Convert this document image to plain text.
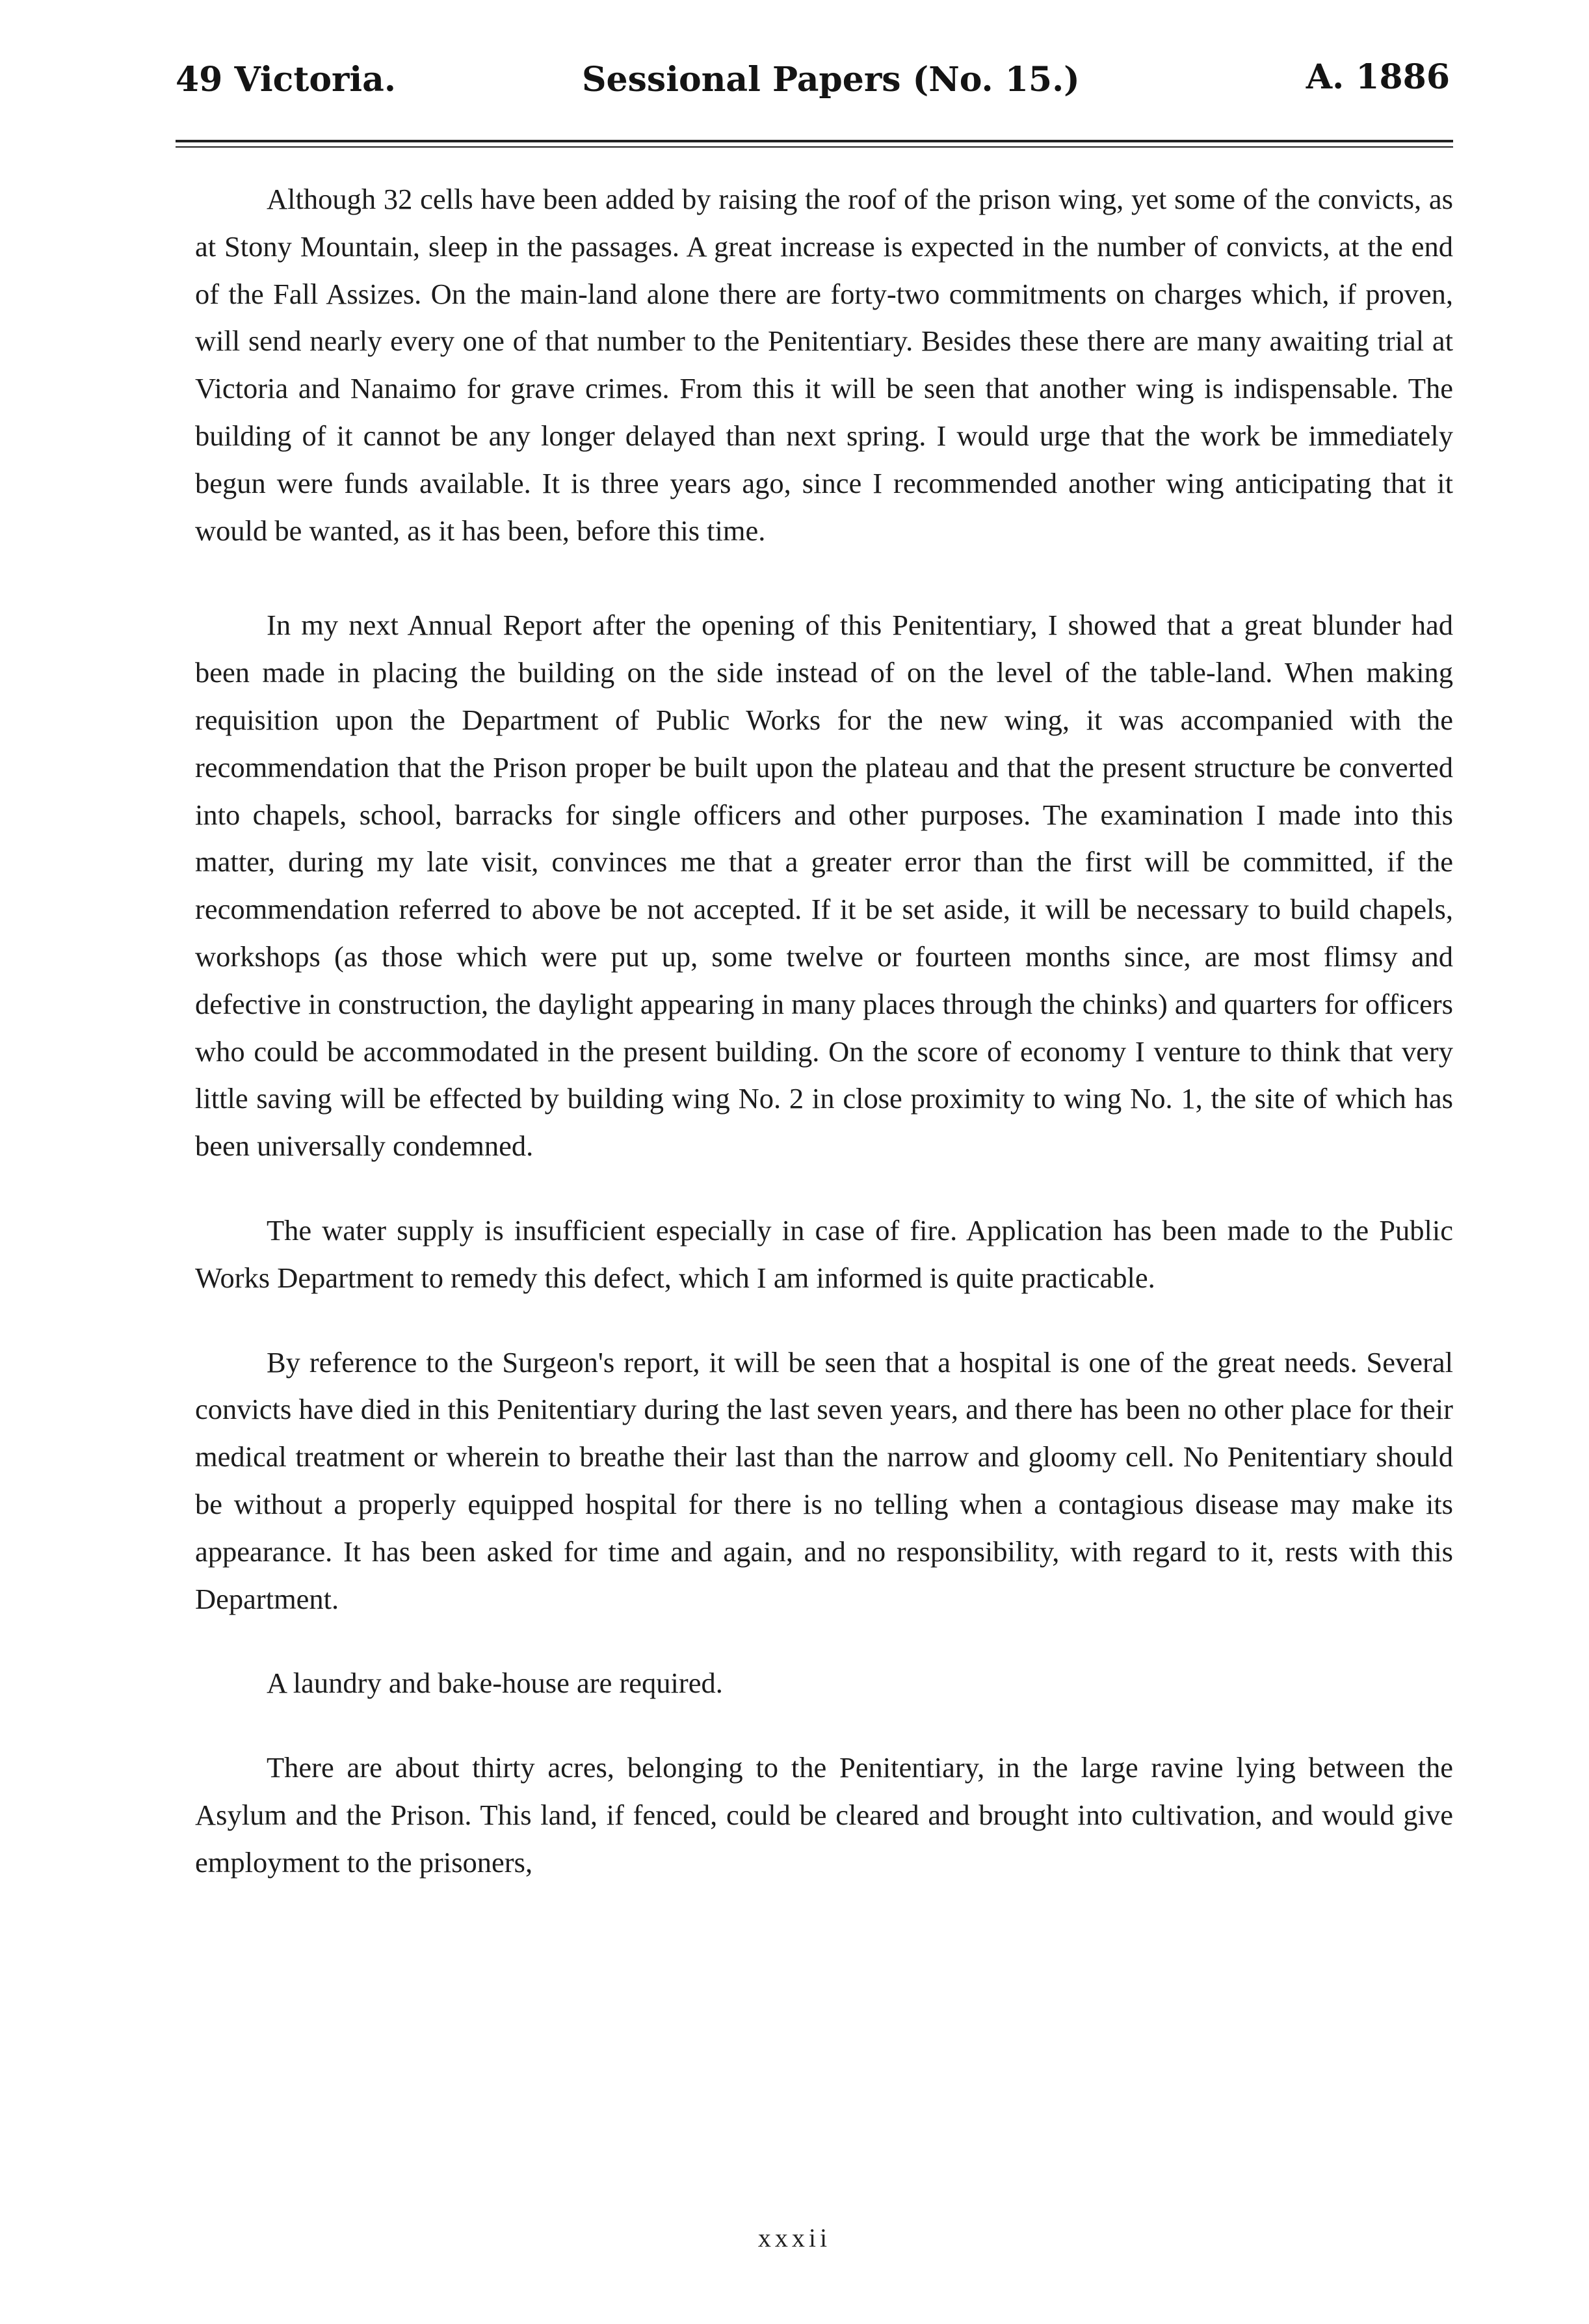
49 Victoria.	Sessional Papers (No. 15.)	A. 1886

Although 32 cells have been added by raising the roof of the prison wing, yet some of the convicts, as at Stony Mountain, sleep in the passages. A great increase is expected in the number of convicts, at the end of the Fall Assizes. On the main-land alone there are forty-two commitments on charges which, if proven, will send nearly every one of that number to the Penitentiary. Besides these there are many awaiting trial at Victoria and Nanaimo for grave crimes. From this it will be seen that another wing is indispensable. The building of it cannot be any longer delayed than next spring. I would urge that the work be immediately begun were funds available. It is three years ago, since I recommended another wing anticipating that it would be wanted, as it has been, before this time.

In my next Annual Report after the opening of this Penitentiary, I showed that a great blunder had been made in placing the building on the side instead of on the level of the table-land. When making requisition upon the Department of Public Works for the new wing, it was accompanied with the recommendation that the Prison proper be built upon the plateau and that the present structure be converted into chapels, school, barracks for single officers and other purposes. The examination I made into this matter, during my late visit, convinces me that a greater error than the first will be committed, if the recommendation referred to above be not accepted. If it be set aside, it will be necessary to build chapels, workshops (as those which were put up, some twelve or fourteen months since, are most flimsy and defective in construction, the daylight appearing in many places through the chinks) and quarters for officers who could be accommodated in the present building. On the score of economy I venture to think that very little saving will be effected by building wing No. 2 in close proximity to wing No. 1, the site of which has been universally condemned.

The water supply is insufficient especially in case of fire. Application has been made to the Public Works Department to remedy this defect, which I am informed is quite practicable.

By reference to the Surgeon's report, it will be seen that a hospital is one of the great needs. Several convicts have died in this Penitentiary during the last seven years, and there has been no other place for their medical treatment or wherein to breathe their last than the narrow and gloomy cell. No Penitentiary should be without a properly equipped hospital for there is no telling when a contagious disease may make its appearance. It has been asked for time and again, and no responsibility, with regard to it, rests with this Department.

A laundry and bake-house are required.

There are about thirty acres, belonging to the Penitentiary, in the large ravine lying between the Asylum and the Prison. This land, if fenced, could be cleared and brought into cultivation, and would give employment to the prisoners,

xxxii
